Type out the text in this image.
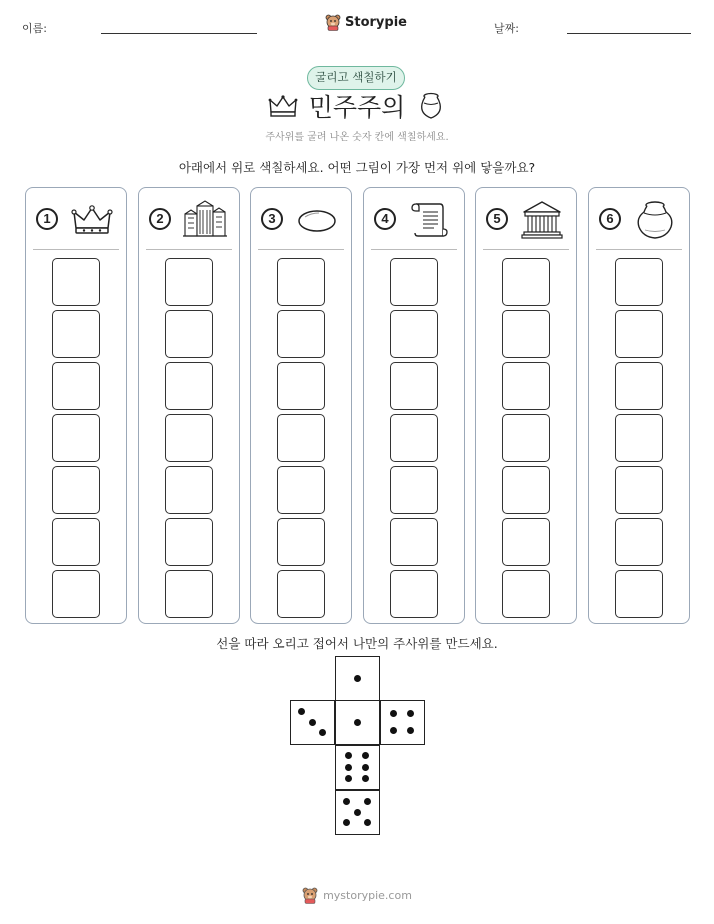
이름:	Storypie	날짜:
굴리고 색칠하기
민주주의
주사위를 굴려 나온 숫자 칸에 색칠하세요.
아래에서 위로 색칠하세요. 어떤 그림이 가장 먼저 위에 닿을까요?
1	2	3	4	5	6
선을 따라 오리고 접어서 나만의 주사위를 만드세요.
mystorypie.com
